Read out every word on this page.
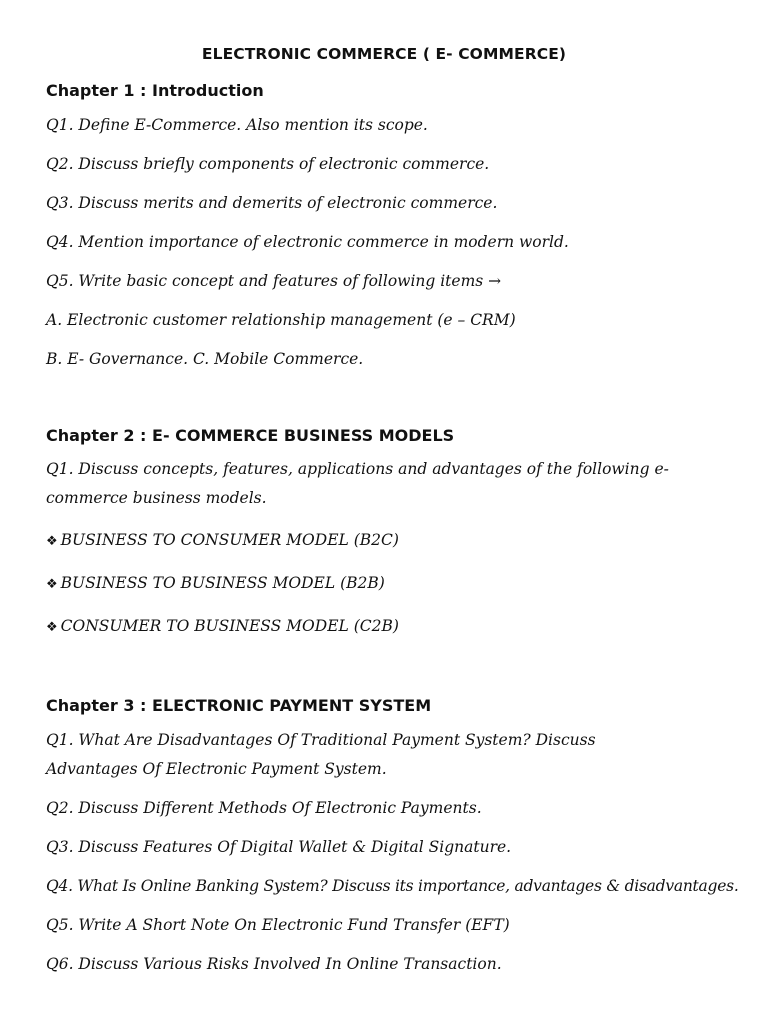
ELECTRONIC COMMERCE ( E- COMMERCE)
Chapter 1 : Introduction
Q1. Define E-Commerce. Also mention its scope.
Q2. Discuss briefly components of electronic commerce.
Q3. Discuss merits and demerits of electronic commerce.
Q4. Mention importance of electronic commerce in modern world.
Q5. Write basic concept and features of following items →
A. Electronic customer relationship management (e – CRM)
B. E- Governance. C. Mobile Commerce.
Chapter 2 : E- COMMERCE BUSINESS MODELS
Q1. Discuss concepts, features, applications and advantages of the following e- commerce business models.
❖ BUSINESS TO CONSUMER MODEL (B2C)
❖ BUSINESS TO BUSINESS MODEL (B2B)
❖ CONSUMER TO BUSINESS MODEL (C2B)
Chapter 3 : ELECTRONIC PAYMENT SYSTEM
Q1. What Are Disadvantages Of Traditional Payment System? Discuss Advantages Of Electronic Payment System.
Q2. Discuss Different Methods Of Electronic Payments.
Q3. Discuss Features Of Digital Wallet & Digital Signature.
Q4. What Is Online Banking System? Discuss its importance, advantages & disadvantages.
Q5. Write A Short Note On Electronic Fund Transfer (EFT)
Q6. Discuss Various Risks Involved In Online Transaction.
